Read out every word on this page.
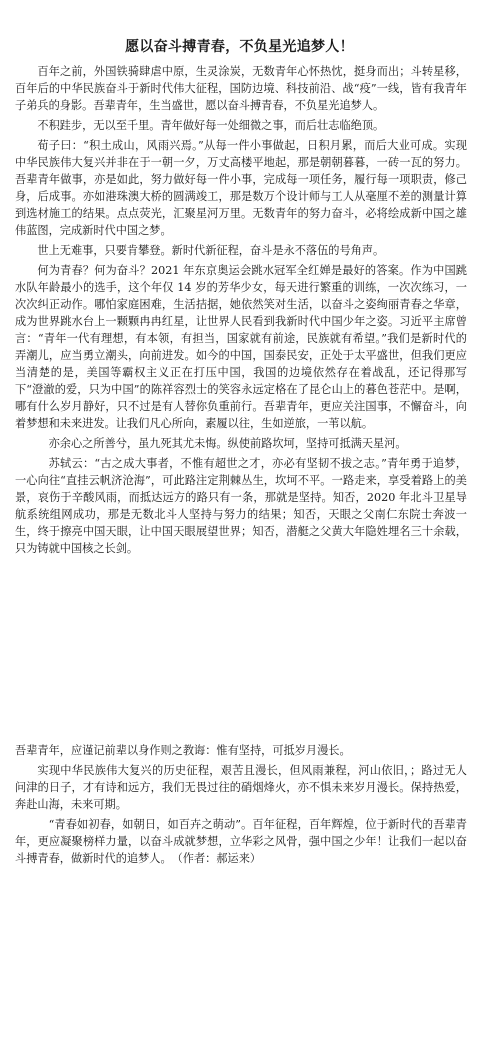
愿以奋斗搏青春，不负星光追梦人！

百年之前，外国铁骑肆虐中原，生灵涂炭，无数青年心怀热忱，挺身而出；斗转星移，百年后的中华民族奋斗于新时代伟大征程，国防边境、科技前沿、战“疫”一线，皆有我青年子弟兵的身影。吾辈青年，生当盛世，愿以奋斗搏青春，不负星光追梦人。

不积跬步，无以至千里。青年做好每一处细微之事，而后壮志临绝顶。

荀子曰：“积土成山，风雨兴焉。”从每一件小事做起，日积月累，而后大业可成。实现中华民族伟大复兴并非在于一朝一夕，万丈高楼平地起，那是朝朝暮暮，一砖一瓦的努力。吾辈青年做事，亦是如此，努力做好每一件小事，完成每一项任务，履行每一项职责，修己身，后成事。亦如港珠澳大桥的圆满竣工，那是数万个设计师与工人从毫厘不差的测量计算到选材施工的结果。点点荧光，汇聚星河万里。无数青年的努力奋斗，必将绘成新中国之雄伟蓝图，完成新时代中国之梦。

世上无难事，只要肯攀登。新时代新征程，奋斗是永不落伍的号角声。

何为青春？何为奋斗？2021 年东京奥运会跳水冠军全红婵是最好的答案。作为中国跳水队年龄最小的选手，这个年仅 14 岁的芳华少女，每天进行繁重的训练，一次次练习，一次次纠正动作。哪怕家庭困难，生活拮据，她依然笑对生活，以奋斗之姿绚丽青春之华章，成为世界跳水台上一颗颗冉冉红星，让世界人民看到我新时代中国少年之姿。习近平主席曾言：“青年一代有理想，有本领，有担当，国家就有前途，民族就有希望。”我们是新时代的弄潮儿，应当勇立潮头，向前进发。如今的中国，国泰民安，正处于太平盛世，但我们更应当清楚的是，美国等霸权主义正在打压中国，我国的边境依然存在着战乱，还记得那写下“澄澈的爱，只为中国”的陈祥容烈士的笑容永远定格在了昆仑山上的暮色苍茫中。是啊，哪有什么岁月静好，只不过是有人替你负重前行。吾辈青年，更应关注国事，不懈奋斗，向着梦想和未来进发。让我们凡心所向，素履以往，生如逆旅，一苇以航。

亦余心之所善兮，虽九死其尤未悔。纵使前路坎坷，坚持可抵满天星河。

苏轼云：“古之成大事者，不惟有超世之才，亦必有坚韧不拔之志。”青年勇于追梦，一心向往“直挂云帆济沧海”，可此路注定荆棘丛生，坎坷不平。一路走来，享受着路上的美景，哀伤于辛酸风雨，而抵达远方的路只有一条，那就是坚持。知否，2020 年北斗卫星导航系统组网成功，那是无数北斗人坚持与努力的结果；知否，天眼之父南仁东院士奔波一生，终于擦亮中国天眼，让中国天眼展望世界；知否，潜艇之父黄大年隐姓埋名三十余载，只为铸就中国核之长剑。

吾辈青年，应谨记前辈以身作则之教诲：惟有坚持，可抵岁月漫长。

实现中华民族伟大复兴的历史征程，艰苦且漫长，但风雨兼程，河山依旧，；路过无人问津的日子，才有诗和远方，我们无畏过往的硝烟烽火，亦不惧未来岁月漫长。保持热爱，奔赴山海，未来可期。

“青春如初春，如朝日，如百卉之萌动”。百年征程，百年辉煌，位于新时代的吾辈青年，更应凝聚榜样力量，以奋斗成就梦想，立华彩之风骨，强中国之少年！让我们一起以奋斗搏青春，做新时代的追梦人。　（作者：郝运来）
